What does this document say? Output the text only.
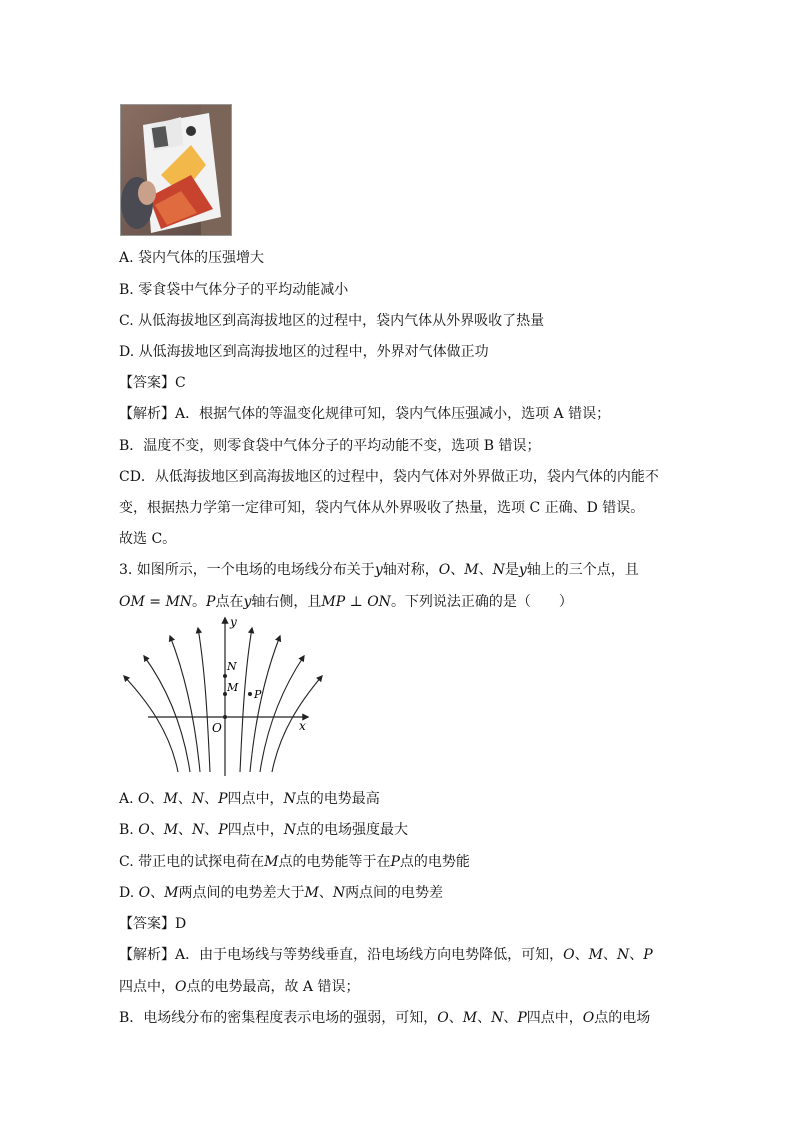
A. 袋内气体的压强增大
B. 零食袋中气体分子的平均动能减小
C. 从低海拔地区到高海拔地区的过程中，袋内气体从外界吸收了热量
D. 从低海拔地区到高海拔地区的过程中，外界对气体做正功
【答案】C
【解析】A．根据气体的等温变化规律可知，袋内气体压强减小，选项 A 错误；
B．温度不变，则零食袋中气体分子的平均动能不变，选项 B 错误；
CD．从低海拔地区到高海拔地区的过程中，袋内气体对外界做正功，袋内气体的内能不
变，根据热力学第一定律可知，袋内气体从外界吸收了热量，选项 C 正确、D 错误。
故选 C。
3. 如图所示，一个电场的电场线分布关于y轴对称，O、M、N是y轴上的三个点，且
OM = MN。P点在y轴右侧，且MP ⊥ ON。下列说法正确的是（　　）
y
x
O
M
N
P
A. O、M、N、P四点中，N点的电势最高
B. O、M、N、P四点中，N点的电场强度最大
C. 带正电的试探电荷在M点的电势能等于在P点的电势能
D. O、M两点间的电势差大于M、N两点间的电势差
【答案】D
【解析】A．由于电场线与等势线垂直，沿电场线方向电势降低，可知，O、M、N、P
四点中，O点的电势最高，故 A 错误；
B．电场线分布的密集程度表示电场的强弱，可知，O、M、N、P四点中，O点的电场
